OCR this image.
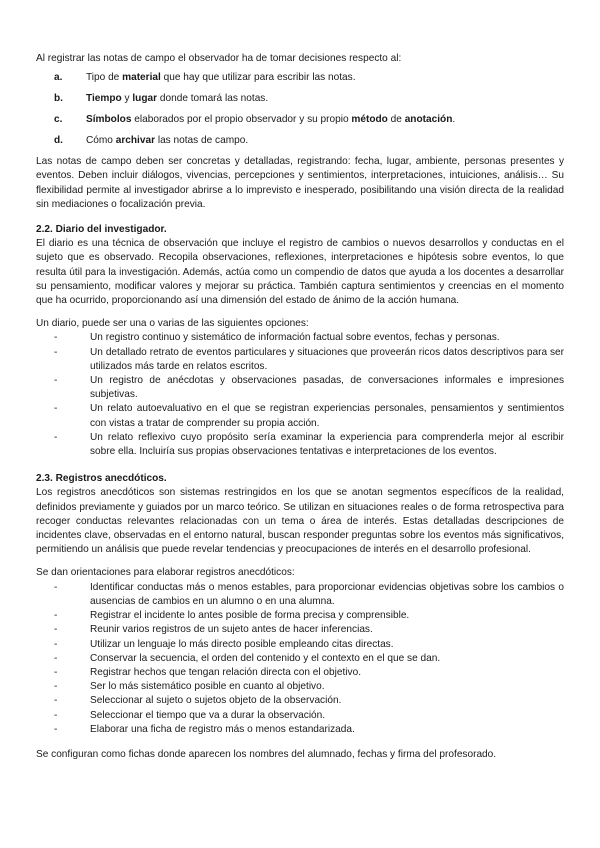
Al registrar las notas de campo el observador ha de tomar decisiones respecto al:

a. Tipo de material que hay que utilizar para escribir las notas.
b. Tiempo y lugar donde tomará las notas.
c. Símbolos elaborados por el propio observador y su propio método de anotación.
d. Cómo archivar las notas de campo.

Las notas de campo deben ser concretas y detalladas, registrando: fecha, lugar, ambiente, personas presentes y eventos. Deben incluir diálogos, vivencias, percepciones y sentimientos, interpretaciones, intuiciones, análisis… Su flexibilidad permite al investigador abrirse a lo imprevisto e inesperado, posibilitando una visión directa de la realidad sin mediaciones o focalización previa.

2.2. Diario del investigador.

El diario es una técnica de observación que incluye el registro de cambios o nuevos desarrollos y conductas en el sujeto que es observado. Recopila observaciones, reflexiones, interpretaciones e hipótesis sobre eventos, lo que resulta útil para la investigación. Además, actúa como un compendio de datos que ayuda a los docentes a desarrollar su pensamiento, modificar valores y mejorar su práctica. También captura sentimientos y creencias en el momento que ha ocurrido, proporcionando así una dimensión del estado de ánimo de la acción humana.

Un diario, puede ser una o varias de las siguientes opciones:

-	Un registro continuo y sistemático de información factual sobre eventos, fechas y personas.
-	Un detallado retrato de eventos particulares y situaciones que proveerán ricos datos descriptivos para ser utilizados más tarde en relatos escritos.
-	Un registro de anécdotas y observaciones pasadas, de conversaciones informales e impresiones subjetivas.
-	Un relato autoevaluativo en el que se registran experiencias personales, pensamientos y sentimientos con vistas a tratar de comprender su propia acción.
-	Un relato reflexivo cuyo propósito sería examinar la experiencia para comprenderla mejor al escribir sobre ella. Incluiría sus propias observaciones tentativas e interpretaciones de los eventos.
2.3. Registros anecdóticos.

Los registros anecdóticos son sistemas restringidos en los que se anotan segmentos específicos de la realidad, definidos previamente y guiados por un marco teórico. Se utilizan en situaciones reales o de forma retrospectiva para recoger conductas relevantes relacionadas con un tema o área de interés. Estas detalladas descripciones de incidentes clave, observadas en el entorno natural, buscan responder preguntas sobre los eventos más significativos, permitiendo un análisis que puede revelar tendencias y preocupaciones de interés en el desarrollo profesional.

Se dan orientaciones para elaborar registros anecdóticos:

-	Identificar conductas más o menos estables, para proporcionar evidencias objetivas sobre los cambios o ausencias de cambios en un alumno o en una alumna.
-	Registrar el incidente lo antes posible de forma precisa y comprensible.
-	Reunir varios registros de un sujeto antes de hacer inferencias.
-	Utilizar un lenguaje lo más directo posible empleando citas directas.
-	Conservar la secuencia, el orden del contenido y el contexto en el que se dan.
-	Registrar hechos que tengan relación directa con el objetivo.
-	Ser lo más sistemático posible en cuanto al objetivo.
-	Seleccionar al sujeto o sujetos objeto de la observación.
-	Seleccionar el tiempo que va a durar la observación.
-	Elaborar una ficha de registro más o menos estandarizada.

Se configuran como fichas donde aparecen los nombres del alumnado, fechas y firma del profesorado.
